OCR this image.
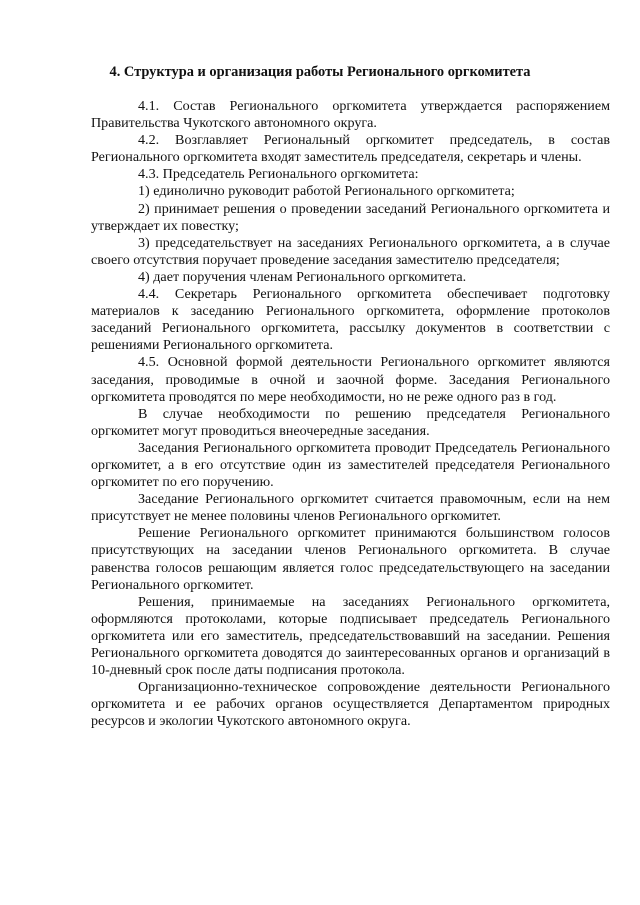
4. Структура и организация работы Регионального оргкомитета

4.1. Состав Регионального оргкомитета утверждается распоряжением Правительства Чукотского автономного округа.

4.2. Возглавляет Региональный оргкомитет председатель, в состав Регионального оргкомитета входят заместитель председателя, секретарь и члены.

4.3. Председатель Регионального оргкомитета:

1) единолично руководит работой Регионального оргкомитета;

2) принимает решения о проведении заседаний Регионального оргкомитета и утверждает их повестку;

3) председательствует на заседаниях Регионального оргкомитета, а в случае своего отсутствия поручает проведение заседания заместителю председателя;

4) дает поручения членам Регионального оргкомитета.

4.4. Секретарь Регионального оргкомитета обеспечивает подготовку материалов к заседанию Регионального оргкомитета, оформление протоколов заседаний Регионального оргкомитета, рассылку документов в соответствии с решениями Регионального оргкомитета.

4.5. Основной формой деятельности Регионального оргкомитет являются заседания, проводимые в очной и заочной форме. Заседания Регионального оргкомитета проводятся по мере необходимости, но не реже одного раз в год.

В случае необходимости по решению председателя Регионального оргкомитет могут проводиться внеочередные заседания.

Заседания Регионального оргкомитета проводит Председатель Регионального оргкомитет, а в его отсутствие один из заместителей председателя Регионального оргкомитет по его поручению.

Заседание Регионального оргкомитет считается правомочным, если на нем присутствует не менее половины членов Регионального оргкомитет.

Решение Регионального оргкомитет принимаются большинством голосов присутствующих на заседании членов Регионального оргкомитета. В случае равенства голосов решающим является голос председательствующего на заседании Регионального оргкомитет.

Решения, принимаемые на заседаниях Регионального оргкомитета, оформляются протоколами, которые подписывает председатель Регионального оргкомитета или его заместитель, председательствовавший на заседании. Решения Регионального оргкомитета доводятся до заинтересованных органов и организаций в 10-дневный срок после даты подписания протокола.

Организационно-техническое сопровождение деятельности Регионального оргкомитета и ее рабочих органов осуществляется Департаментом природных ресурсов и экологии Чукотского автономного округа.
